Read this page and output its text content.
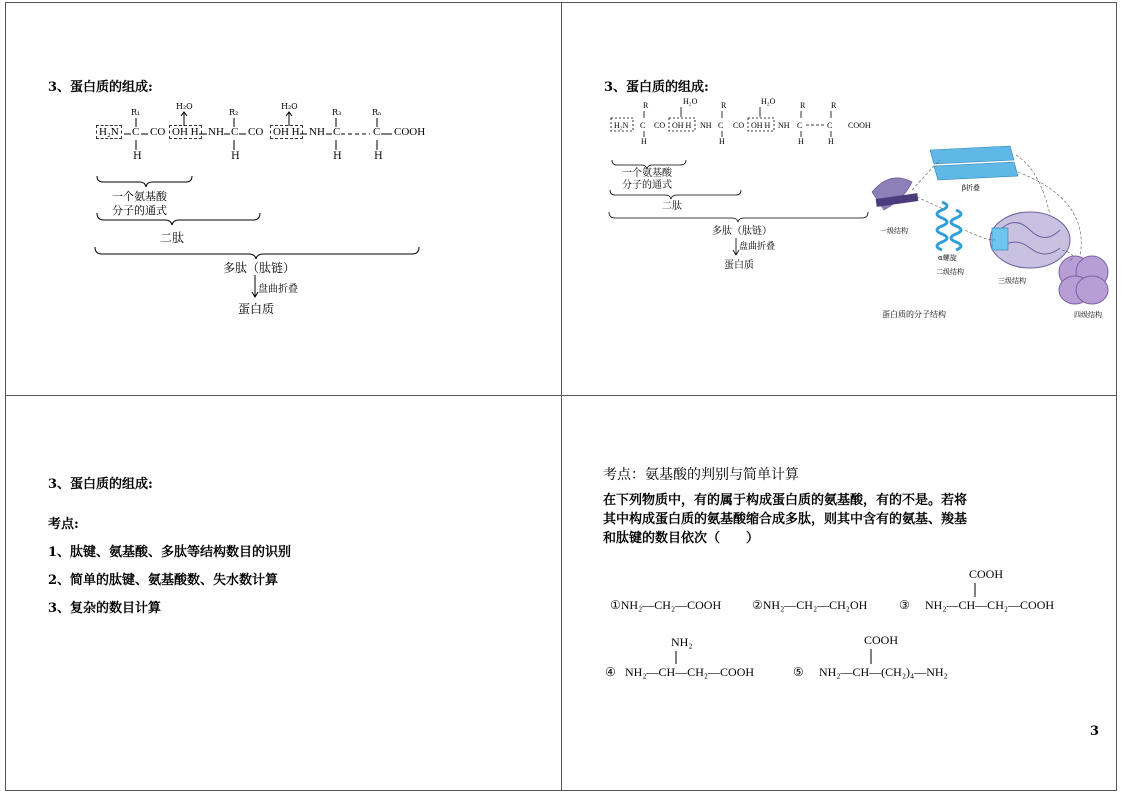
3、蛋白质的组成:
R₁	R₂	R₃	Rₙ
H₂O	H₂O
H₂N C CO OH H NH C CO OH H NH C	C COOH
H	H	H	H
一个氨基酸
分子的通式
二肽
多肽（肽链）
盘曲折叠
蛋白质
3、蛋白质的组成:
R	H₂O	R	H₂O	R	R
H₂N C CO OH H NH C CO OH H NH C	C COOH
H	H	H	H
一个氨基酸
分子的通式
二肽
多肽（肽链）
盘曲折叠
蛋白质
β折叠
一级结构
α螺旋
二级结构
三级结构
四级结构
蛋白质的分子结构
3、蛋白质的组成:
考点:
1、肽键、氨基酸、多肽等结构数目的识别
2、简单的肽键、氨基酸数、失水数计算
3、复杂的数目计算
考点：氨基酸的判别与简单计算
在下列物质中，有的属于构成蛋白质的氨基酸，有的不是。若将
其中构成蛋白质的氨基酸缩合成多肽，则其中含有的氨基、羧基
和肽键的数目依次（　　）
①NH₂—CH₂—COOH	②NH₂—CH₂—CH₂OH	③ NH₂—CH—CH₂—COOH
COOH
④ NH₂—CH—CH₂—COOH
NH₂
⑤ NH₂—CH—(CH₂)₄—NH₂
COOH
3
